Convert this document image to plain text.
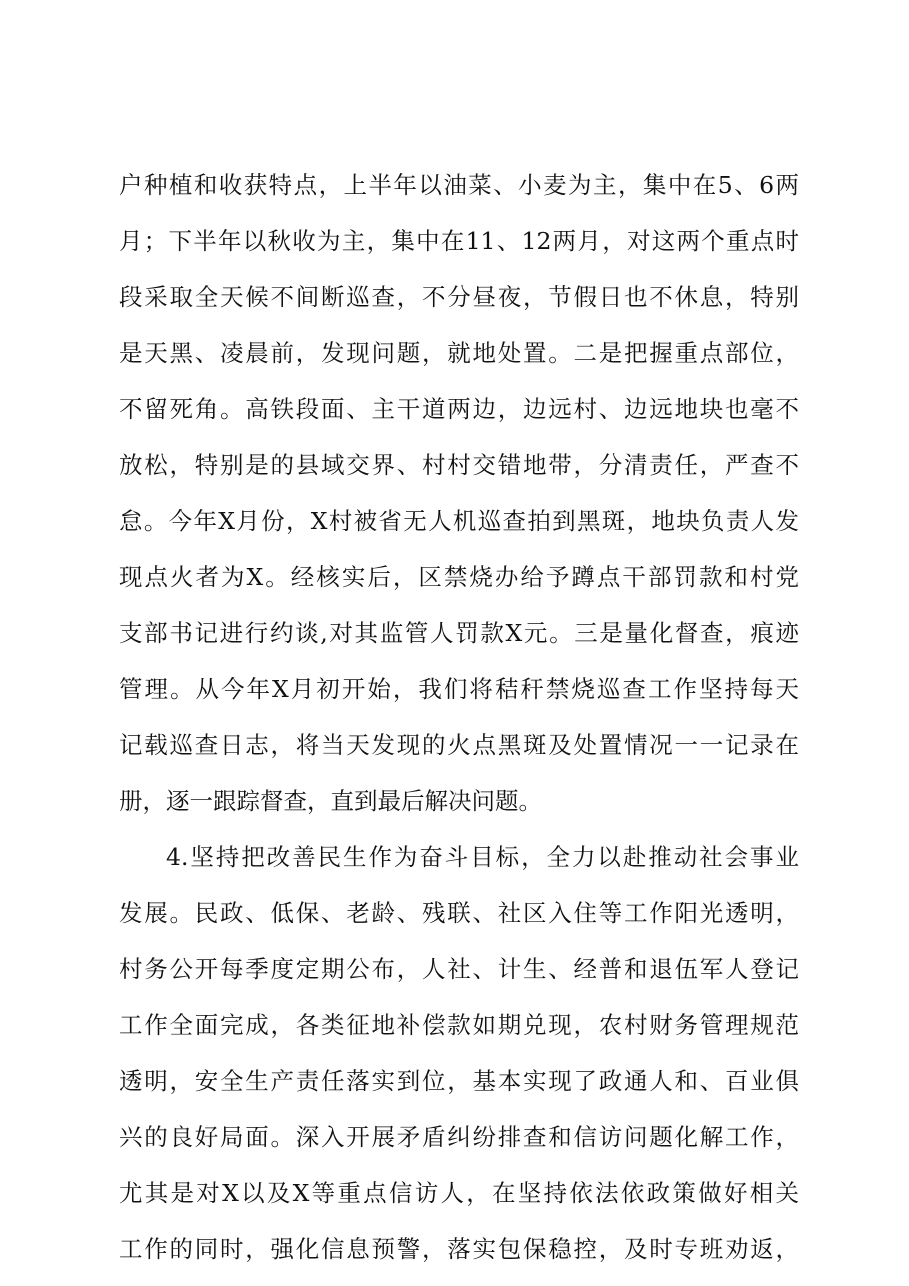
户种植和收获特点，上半年以油菜、小麦为主，集中在5、6两
月；下半年以秋收为主，集中在11、12两月，对这两个重点时
段采取全天候不间断巡查，不分昼夜，节假日也不休息，特别
是天黑、凌晨前，发现问题，就地处置。二是把握重点部位，
不留死角。高铁段面、主干道两边，边远村、边远地块也毫不
放松，特别是的县域交界、村村交错地带，分清责任，严查不
怠。今年X月份，X村被省无人机巡查拍到黑斑，地块负责人发
现点火者为X。经核实后，区禁烧办给予蹲点干部罚款和村党
支部书记进行约谈,对其监管人罚款X元。三是量化督查，痕迹
管理。从今年X月初开始，我们将秸秆禁烧巡查工作坚持每天
记载巡查日志，将当天发现的火点黑斑及处置情况一一记录在
册，逐一跟踪督查，直到最后解决问题。
4.坚持把改善民生作为奋斗目标，全力以赴推动社会事业
发展。民政、低保、老龄、残联、社区入住等工作阳光透明，
村务公开每季度定期公布，人社、计生、经普和退伍军人登记
工作全面完成，各类征地补偿款如期兑现，农村财务管理规范
透明，安全生产责任落实到位，基本实现了政通人和、百业俱
兴的良好局面。深入开展矛盾纠纷排查和信访问题化解工作，
尤其是对X以及X等重点信访人，在坚持依法依政策做好相关
工作的同时，强化信息预警，落实包保稳控，及时专班劝返，
